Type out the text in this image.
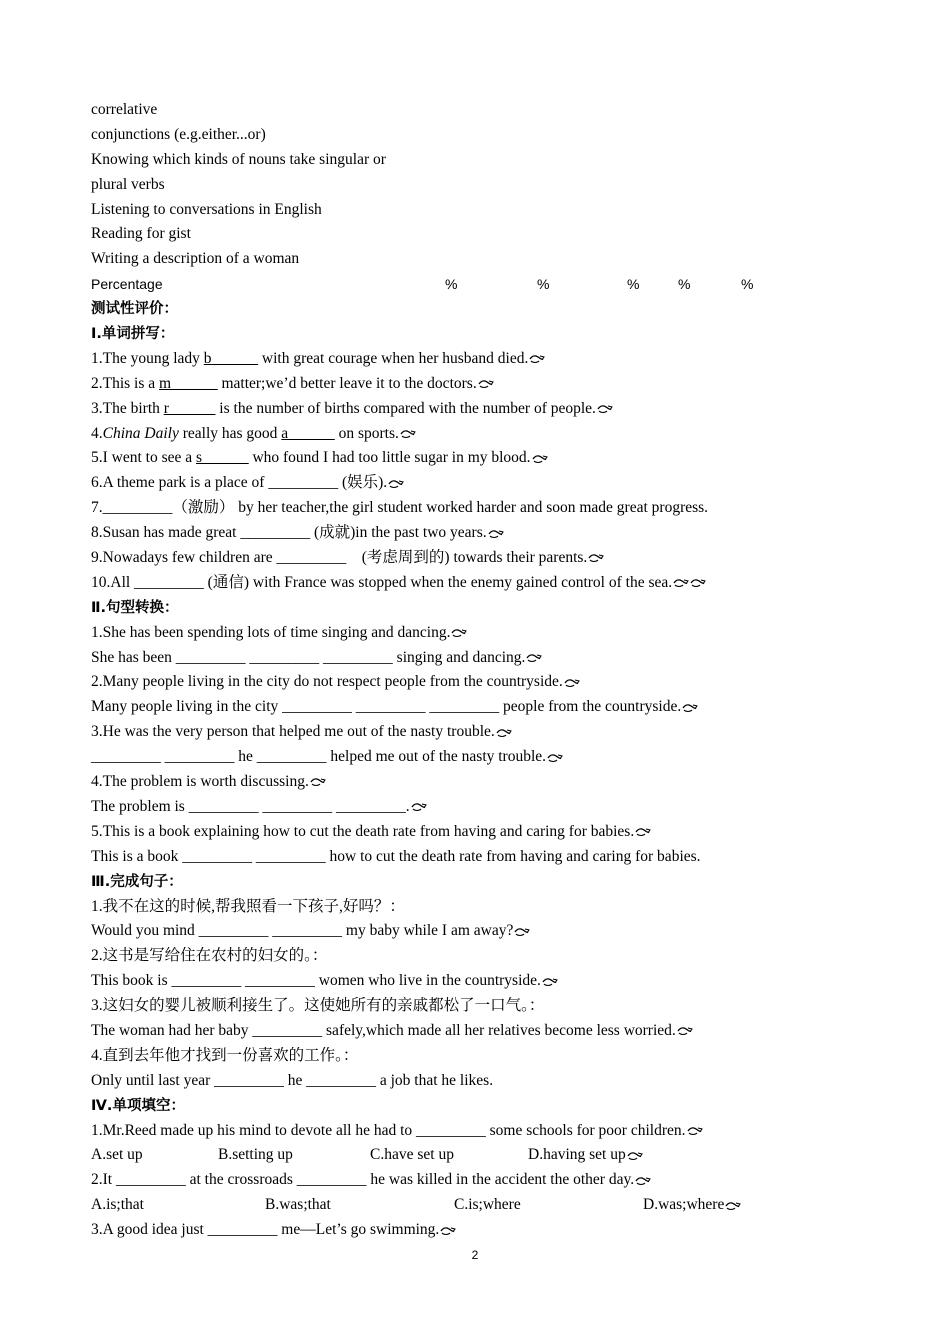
correlative
conjunctions (e.g.either...or)
Knowing which kinds of nouns take singular or
plural verbs
Listening to conversations in English
Reading for gist
Writing a description of a woman
Percentage	%	%	%	%	%
测试性评价：
Ⅰ.单词拼写：
1.The young lady b______ with great courage when her husband died.
2.This is a m______ matter;we’d better leave it to the doctors.
3.The birth r______ is the number of births compared with the number of people.
4.China Daily really has good a______ on sports.
5.I went to see a s______ who found I had too little sugar in my blood.
6.A theme park is a place of _________ (娱乐).
7._________（激励） by her teacher,the girl student worked harder and soon made great progress.
8.Susan has made great _________ (成就)in the past two years.
9.Nowadays few children are _________　(考虑周到的) towards their parents.
10.All _________ (通信) with France was stopped when the enemy gained control of the sea.
Ⅱ.句型转换：
1.She has been spending lots of time singing and dancing.
She has been _________ _________ _________ singing and dancing.
2.Many people living in the city do not respect people from the countryside.
Many people living in the city _________ _________ _________ people from the countryside.
3.He was the very person that helped me out of the nasty trouble.
_________ _________ he _________ helped me out of the nasty trouble.
4.The problem is worth discussing.
The problem is _________ _________ _________.
5.This is a book explaining how to cut the death rate from having and caring for babies.
This is a book _________ _________ how to cut the death rate from having and caring for babies.
Ⅲ.完成句子：
1.我不在这的时候,帮我照看一下孩子,好吗？：
Would you mind _________ _________ my baby while I am away?
2.这书是写给住在农村的妇女的。：
This book is _________ _________ women who live in the countryside.
3.这妇女的婴儿被顺利接生了。这使她所有的亲戚都松了一口气。：
The woman had her baby _________ safely,which made all her relatives become less worried.
4.直到去年他才找到一份喜欢的工作。：
Only until last year _________ he _________ a job that he likes.
Ⅳ.单项填空：
1.Mr.Reed made up his mind to devote all he had to _________ some schools for poor children.
A.set up	B.setting up	C.have set up	D.having set up
2.It _________ at the crossroads _________ he was killed in the accident the other day.
A.is;that	B.was;that	C.is;where	D.was;where
3.A good idea just _________ me—Let’s go swimming.
2
